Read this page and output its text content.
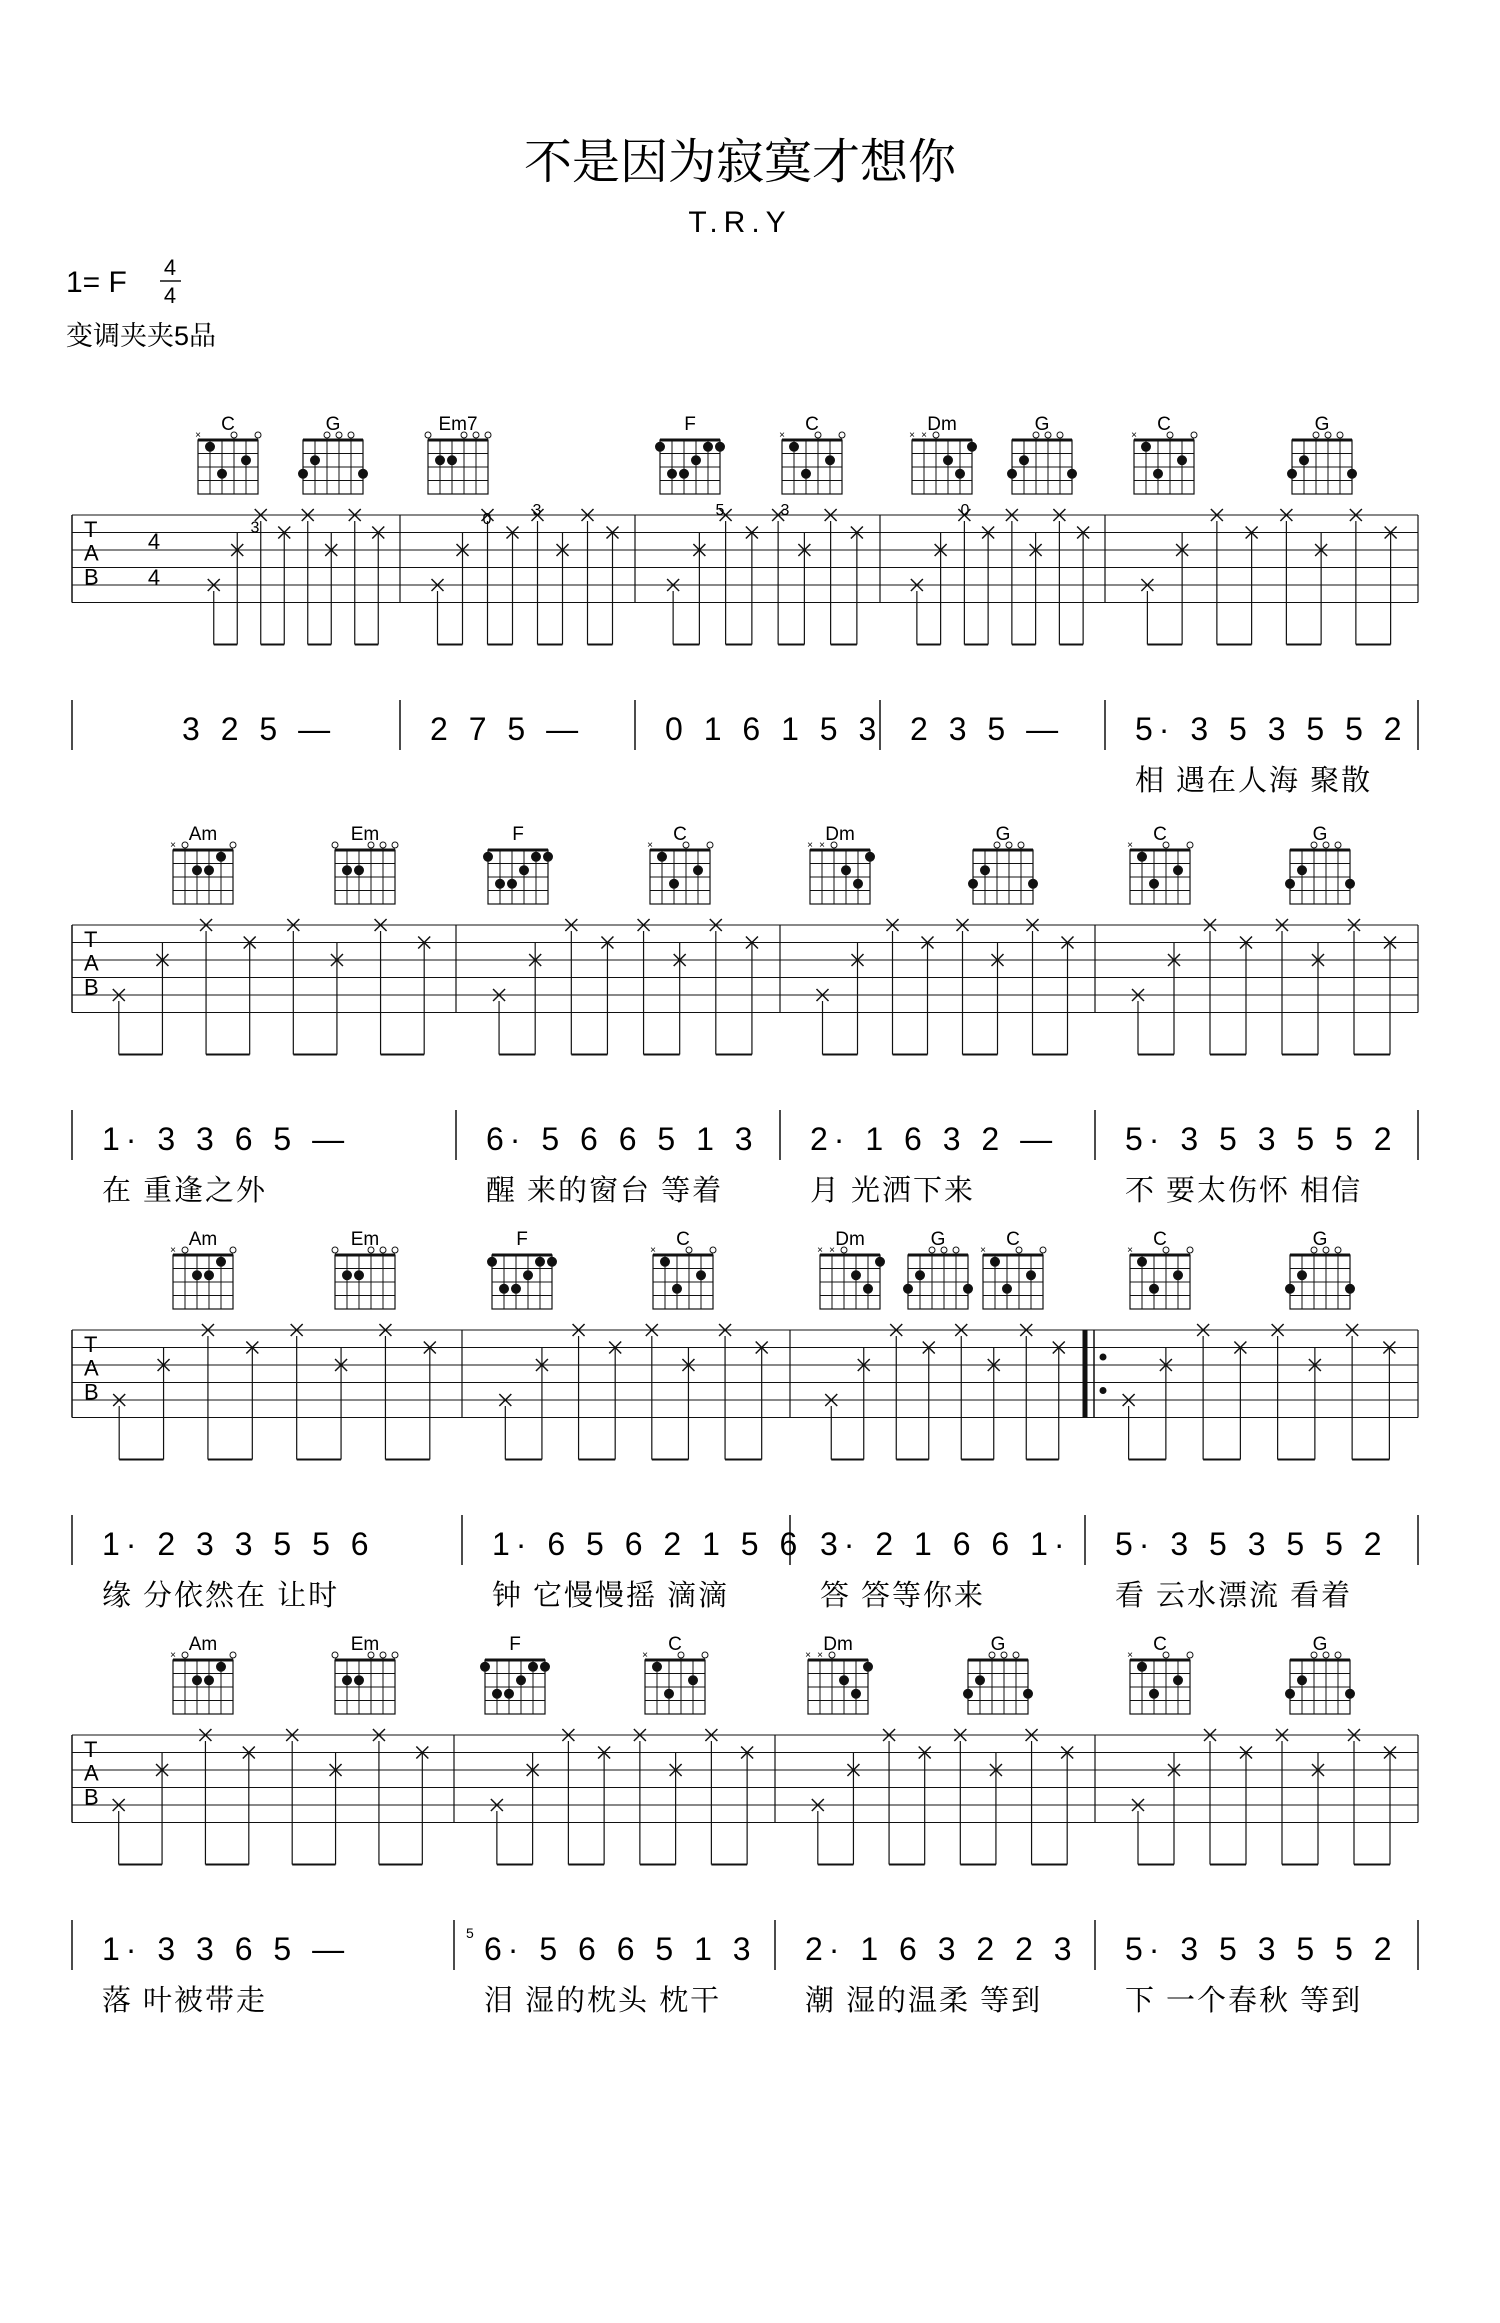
不是因为寂寞才想你
T.R.Y
1= F 4
4
变调夹夹5品
C
×
G	Em7	F	C
×
Dm
×
×
G	C
×
G
T
A
B
4
4
3
0
3	5	3	0
3 2 5 —	2 7 5 —	0 1 6 1 5 3 2 3 5 — 5· 3 5 3 5 5 2
相 遇在人海 聚散
Am
×
Em	F	C
×
Dm
×
×
G	C
×
G
T
A
B
1· 3 3 6 5 —
在 重逢之外
6· 5 6 6 5 1 3
醒 来的窗台 等着
2· 1 6 3 2 —
月 光洒下来
5· 3 5 3 5 5 2
不 要太伤怀 相信
Am
×
Em	F	C
×
Dm
×
×
G	C
×
C
×
G
T
A
B
1· 2 3 3 5 5 6
缘 分依然在 让时
1· 6 5 6 2 1 5 6
钟 它慢慢摇 滴滴
3· 2 1 6 6 1·
答 答等你来
5· 3 5 3 5 5 2
看 云水漂流 看着
Am
×
Em	F	C
×
Dm
×
×
G	C
×
G
T
A
B
1· 3 3 6 5 —
落 叶被带走
6· 5 6 6 5 1 3
泪 湿的枕头 枕干
2· 1 6 3 2 2 3
潮 湿的温柔 等到
5· 3 5 3 5 5 2
下 一个春秋 等到
5
